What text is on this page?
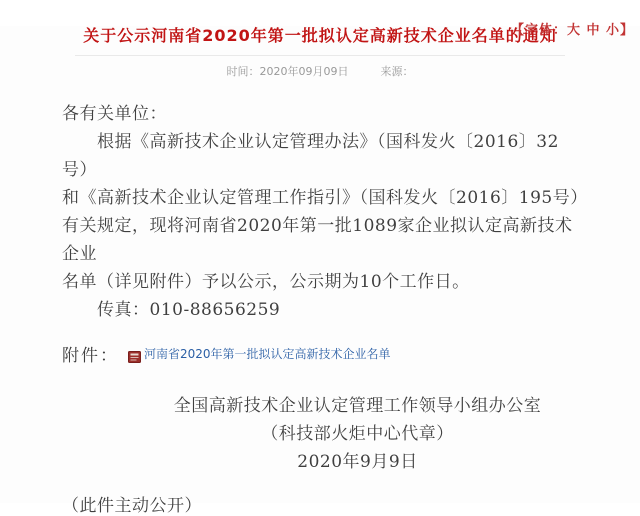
【字体：大 中 小】
关于公示河南省2020年第一批拟认定高新技术企业名单的通知
时间：2020年09月09日	来源：
各有关单位：
　　根据《高新技术企业认定管理办法》（国科发火〔2016〕32号）
和《高新技术企业认定管理工作指引》（国科发火〔2016〕195号）
有关规定，现将河南省2020年第一批1089家企业拟认定高新技术企业
名单（详见附件）予以公示，公示期为10个工作日。
　　传真：010-88656259
附件： 河南省2020年第一批拟认定高新技术企业名单
全国高新技术企业认定管理工作领导小组办公室
（科技部火炬中心代章）
2020年9月9日
（此件主动公开）
